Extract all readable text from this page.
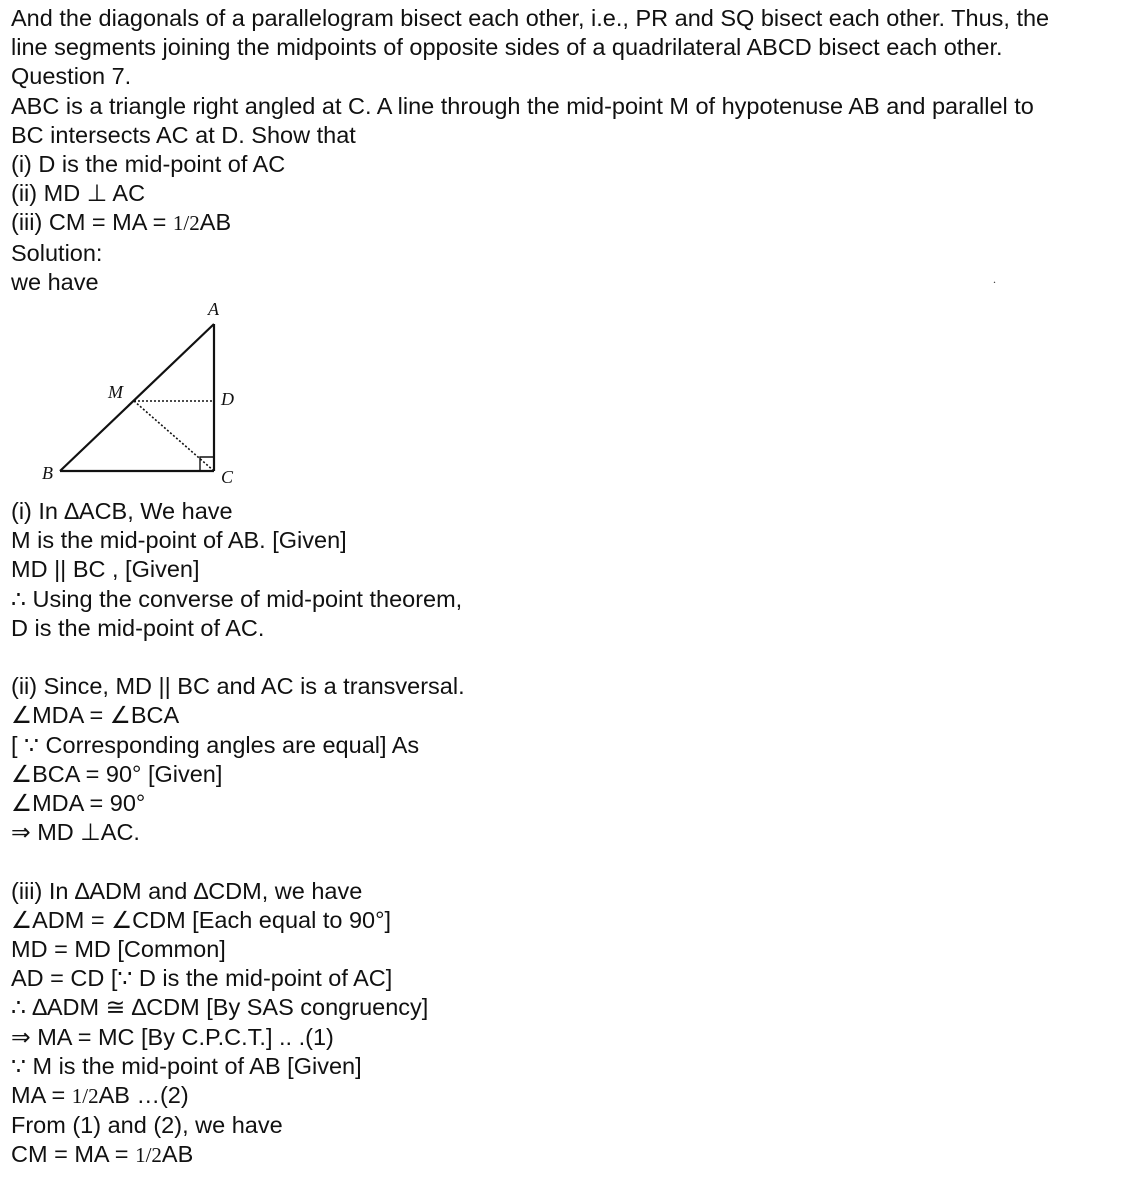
And the diagonals of a parallelogram bisect each other, i.e., PR and SQ bisect each other. Thus, the
line segments joining the midpoints of opposite sides of a quadrilateral ABCD bisect each other.
Question 7.
ABC is a triangle right angled at C. A line through the mid-point M of hypotenuse AB and parallel to
BC intersects AC at D. Show that
(i) D is the mid-point of AC
(ii) MD ⊥ AC
(iii) CM = MA = 1/2AB
Solution:
we have
A
M	D
B	C
(i) In ∆ACB, We have
M is the mid-point of AB. [Given]
MD || BC , [Given]
∴ Using the converse of mid-point theorem,
D is the mid-point of AC.
(ii) Since, MD || BC and AC is a transversal.
∠MDA = ∠BCA
[ ∵ Corresponding angles are equal] As
∠BCA = 90° [Given]
∠MDA = 90°
⇒ MD ⊥AC.
(iii) In ∆ADM and ∆CDM, we have
∠ADM = ∠CDM [Each equal to 90°]
MD = MD [Common]
AD = CD [∵ D is the mid-point of AC]
∴ ∆ADM ≅ ∆CDM [By SAS congruency]
⇒ MA = MC [By C.P.C.T.] .. .(1)
∵ M is the mid-point of AB [Given]
MA = 1/2AB …(2)
From (1) and (2), we have
CM = MA = 1/2AB
.
